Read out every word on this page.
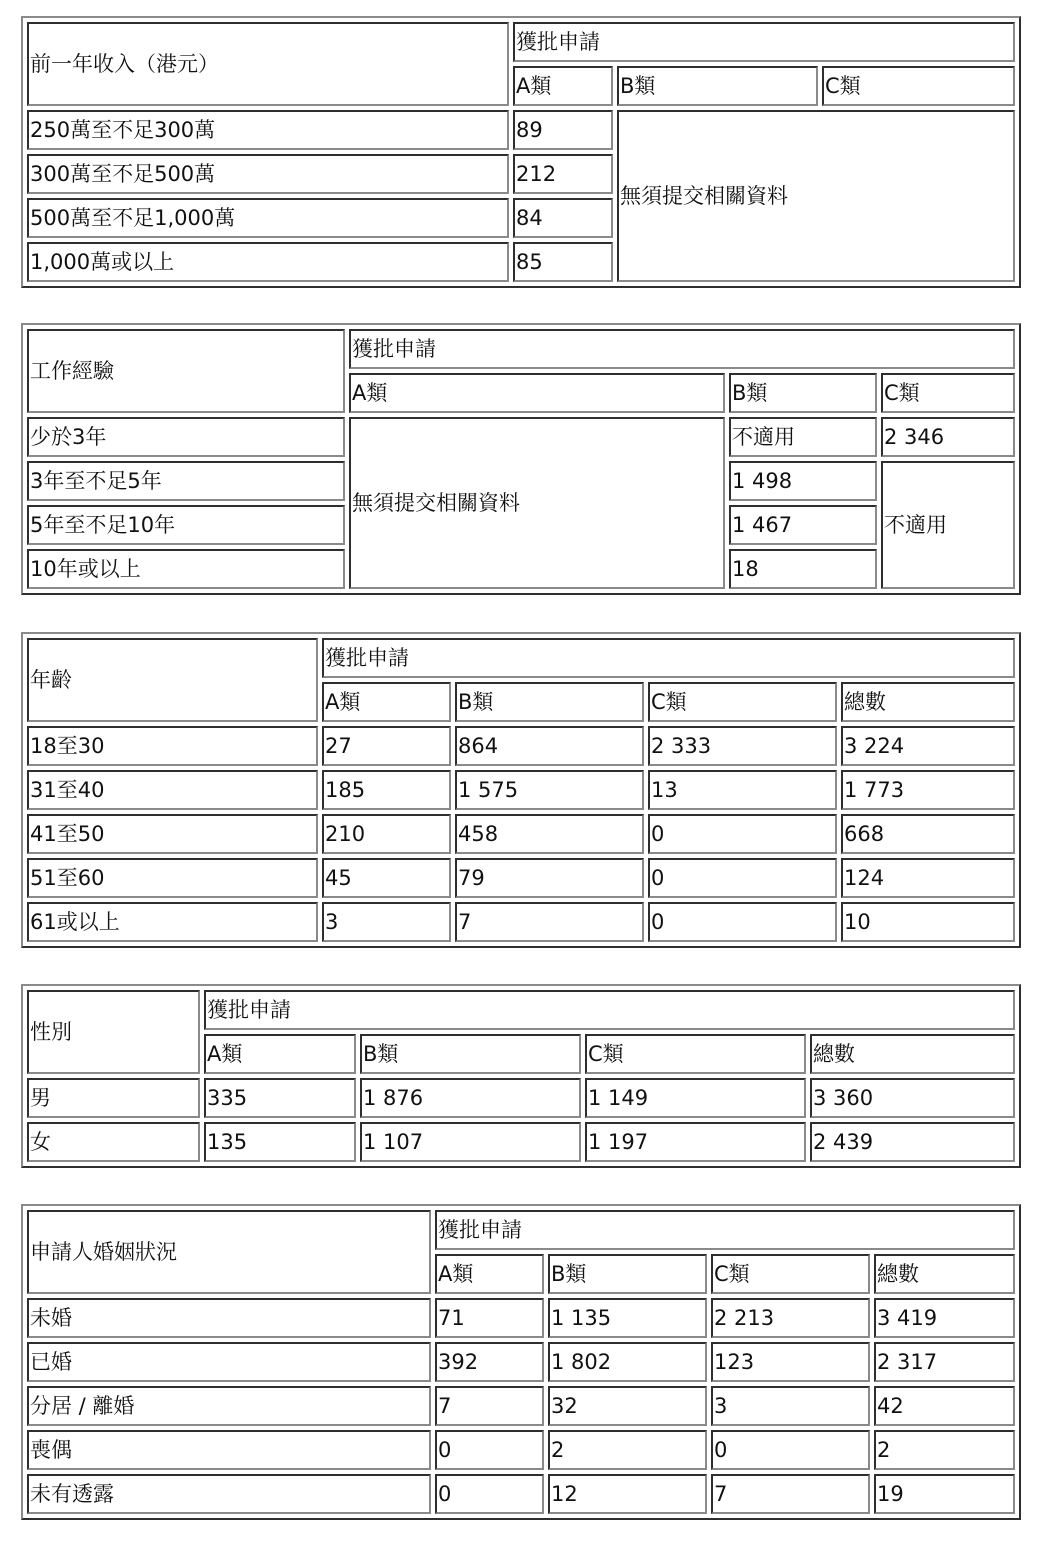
前一年收入（港元）	獲批申請		
	A類	B類	C類
250萬至不足300萬	89	無須提交相關資料	
300萬至不足500萬	212		
500萬至不足1,000萬	84		
1,000萬或以上	85		
工作經驗	獲批申請		
	A類	B類	C類
少於3年	無須提交相關資料	不適用	2 346
3年至不足5年		1 498	不適用
5年至不足10年		1 467	
10年或以上		18	
年齡	獲批申請			
	A類	B類	C類	總數
18至30	27	864	2 333	3 224
31至40	185	1 575	13	1 773
41至50	210	458	0	668
51至60	45	79	0	124
61或以上	3	7	0	10
性別	獲批申請			
	A類	B類	C類	總數
男	335	1 876	1 149	3 360
女	135	1 107	1 197	2 439
申請人婚姻狀況	獲批申請			
	A類	B類	C類	總數
未婚	71	1 135	2 213	3 419
已婚	392	1 802	123	2 317
分居 / 離婚	7	32	3	42
喪偶	0	2	0	2
未有透露	0	12	7	19
